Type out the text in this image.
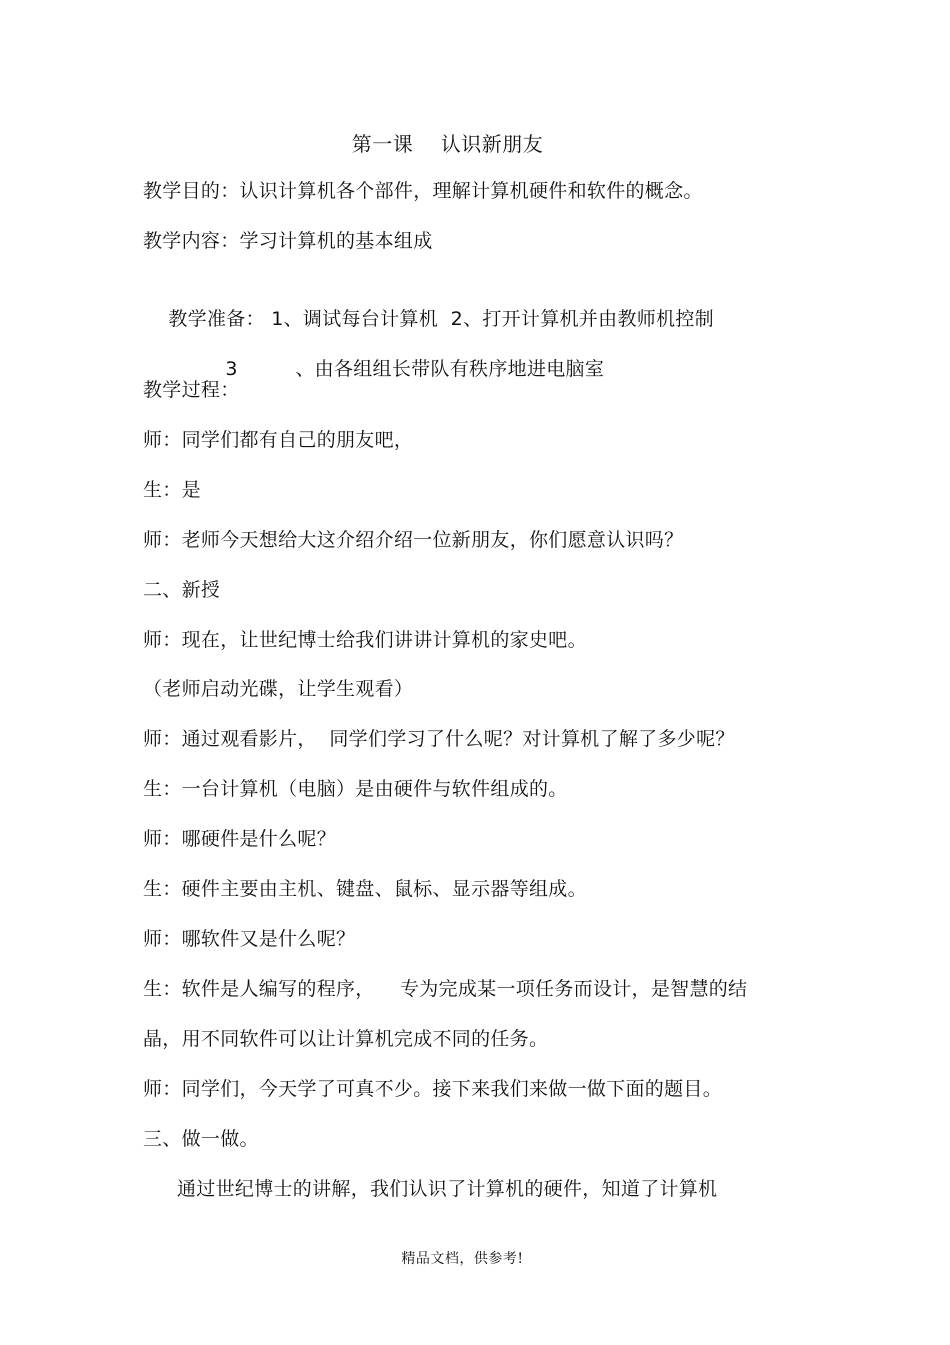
第一课    认识新朋友
教学目的：认识计算机各个部件，理解计算机硬件和软件的概念。
教学内容：学习计算机的基本组成

教学准备： 1、调试每台计算机  2、打开计算机并由教师机控制

3	、由各组组长带队有秩序地进电脑室

教学过程：
师：同学们都有自己的朋友吧，
生：是
师：老师今天想给大这介绍介绍一位新朋友，你们愿意认识吗？
二、新授
师：现在，让世纪博士给我们讲讲计算机的家史吧。
（老师启动光碟，让学生观看）
师：通过观看影片，  同学们学习了什么呢？对计算机了解了多少呢？
生：一台计算机（电脑）是由硬件与软件组成的。
师：哪硬件是什么呢？
生：硬件主要由主机、键盘、鼠标、显示器等组成。
师：哪软件又是什么呢？
生：软件是人编写的程序，    专为完成某一项任务而设计，是智慧的结
晶，用不同软件可以让计算机完成不同的任务。
师：同学们，今天学了可真不少。接下来我们来做一做下面的题目。
三、做一做。
通过世纪博士的讲解，我们认识了计算机的硬件，知道了计算机
精品文档，供参考!
